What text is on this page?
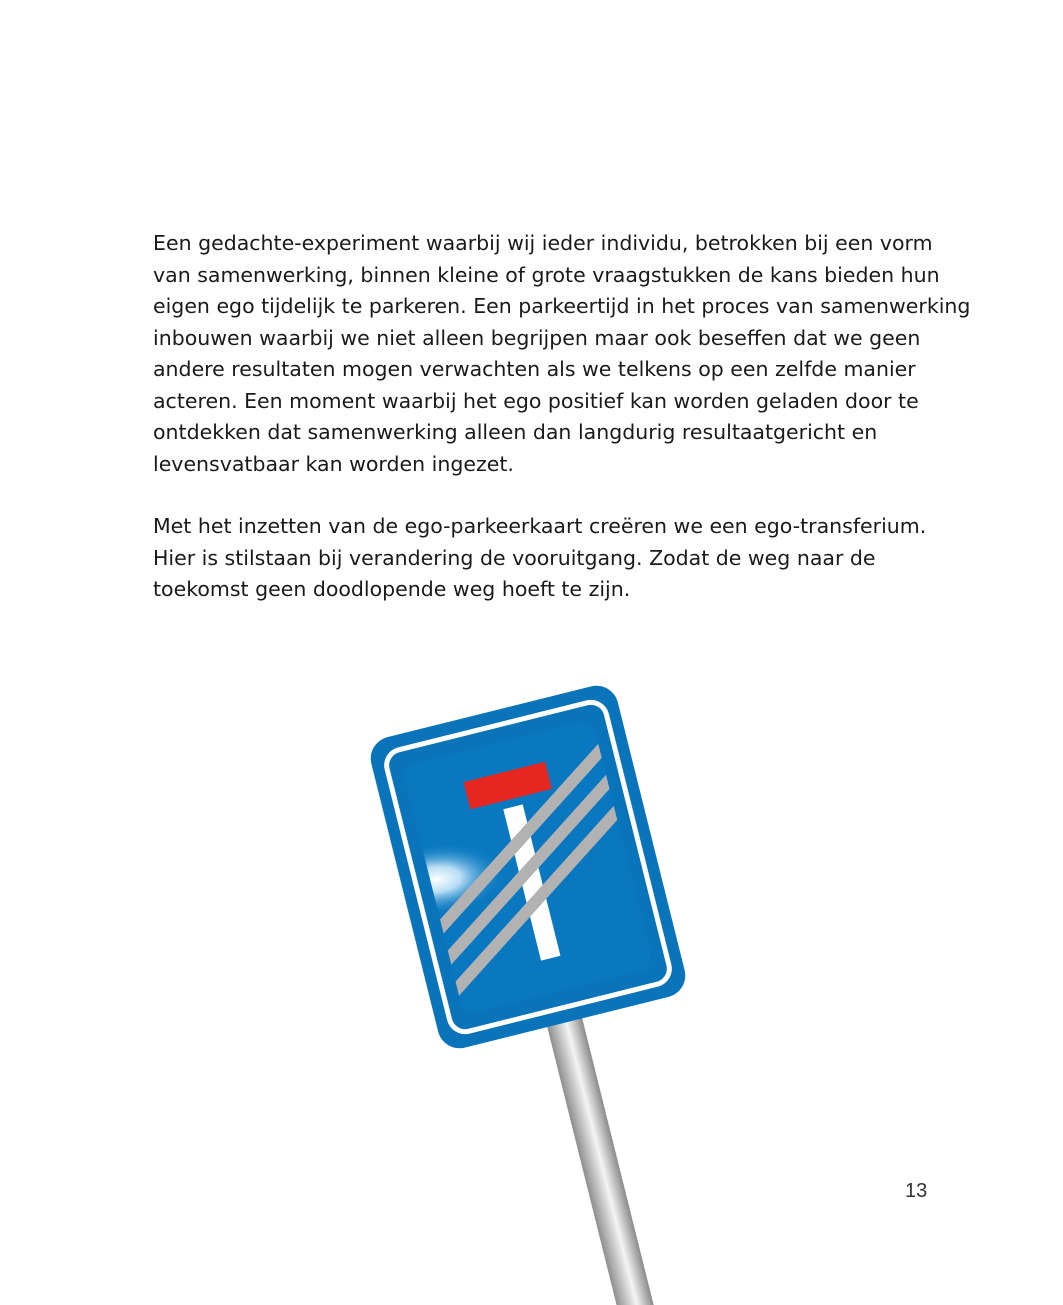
Een gedachte-experiment waarbij wij ieder individu, betrokken bij een vorm
van samenwerking, binnen kleine of grote vraagstukken de kans bieden hun
eigen ego tijdelijk te parkeren. Een parkeertijd in het proces van samenwerking
inbouwen waarbij we niet alleen begrijpen maar ook beseffen dat we geen
andere resultaten mogen verwachten als we telkens op een zelfde manier
acteren. Een moment waarbij het ego positief kan worden geladen door te
ontdekken dat samenwerking alleen dan langdurig resultaatgericht en
levensvatbaar kan worden ingezet.

Met het inzetten van de ego-parkeerkaart creëren we een ego-transferium.
Hier is stilstaan bij verandering de vooruitgang. Zodat de weg naar de
toekomst geen doodlopende weg hoeft te zijn.

13
